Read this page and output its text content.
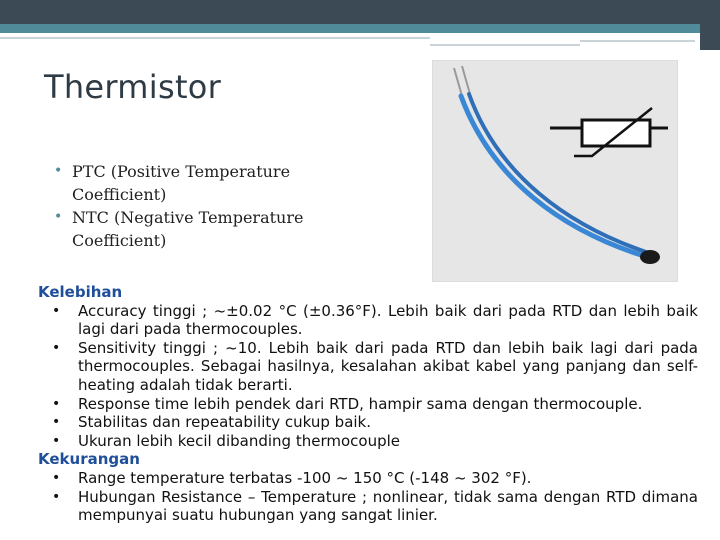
Thermistor
• PTC (Positive Temperature Coefficient)
• NTC (Negative Temperature Coefficient)

Kelebihan

• Accuracy tinggi ; ~±0.02 °C (±0.36°F). Lebih baik dari pada RTD dan lebih baik lagi dari pada thermocouples.
• Sensitivity tinggi ; ~10. Lebih baik dari pada RTD dan lebih baik lagi dari pada thermocouples. Sebagai hasilnya, kesalahan akibat kabel yang panjang dan self-heating adalah tidak berarti.
• Response time lebih pendek dari RTD, hampir sama dengan thermocouple.
• Stabilitas dan repeatability cukup baik.
• Ukuran lebih kecil dibanding thermocouple

Kekurangan

• Range temperature terbatas -100 ~ 150 °C (-148 ~ 302 °F).
• Hubungan Resistance – Temperature ; nonlinear, tidak sama dengan RTD dimana mempunyai suatu hubungan yang sangat linier.
